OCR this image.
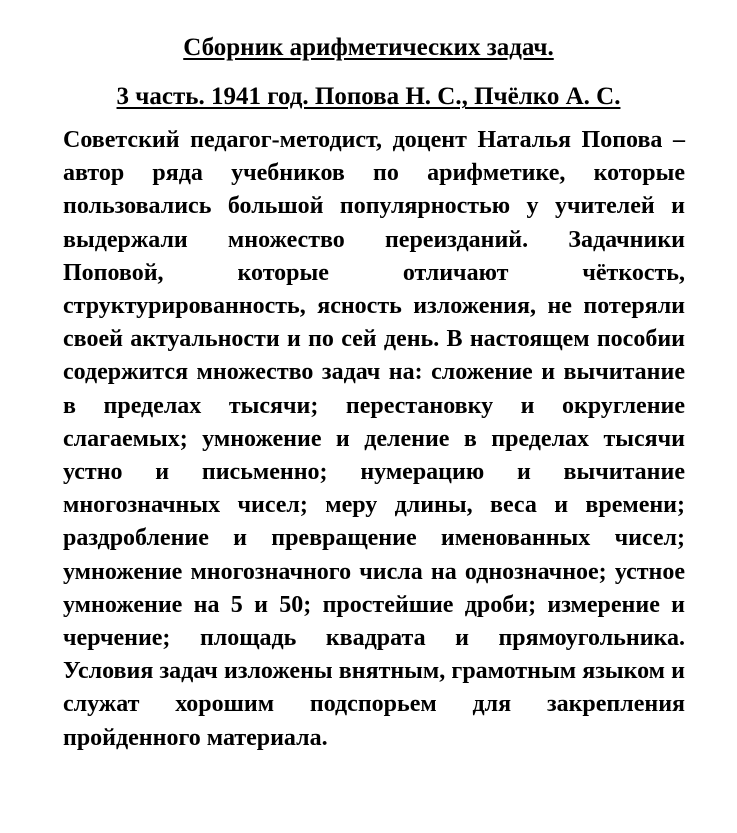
Сборник арифметических задач.
3 часть. 1941 год. Попова Н. С., Пчёлко А. С.

Советский педагог-методист, доцент Наталья Попова – автор ряда учебников по арифметике, которые пользовались большой популярностью у учителей и выдержали множество переизданий. Задачники Поповой, которые отличают чёткость, структурированность, ясность изложения, не потеряли своей актуальности и по сей день. В настоящем пособии содержится множество задач на: сложение и вычитание в пределах тысячи; перестановку и округление слагаемых; умножение и деление в пределах тысячи устно и письменно; нумерацию и вычитание многозначных чисел; меру длины, веса и времени; раздробление и превращение именованных чисел; умножение многозначного числа на однозначное; устное умножение на 5 и 50; простейшие дроби; измерение и черчение; площадь квадрата и прямоугольника. Условия задач изложены внятным, грамотным языком и служат хорошим подспорьем для закрепления пройденного материала.
